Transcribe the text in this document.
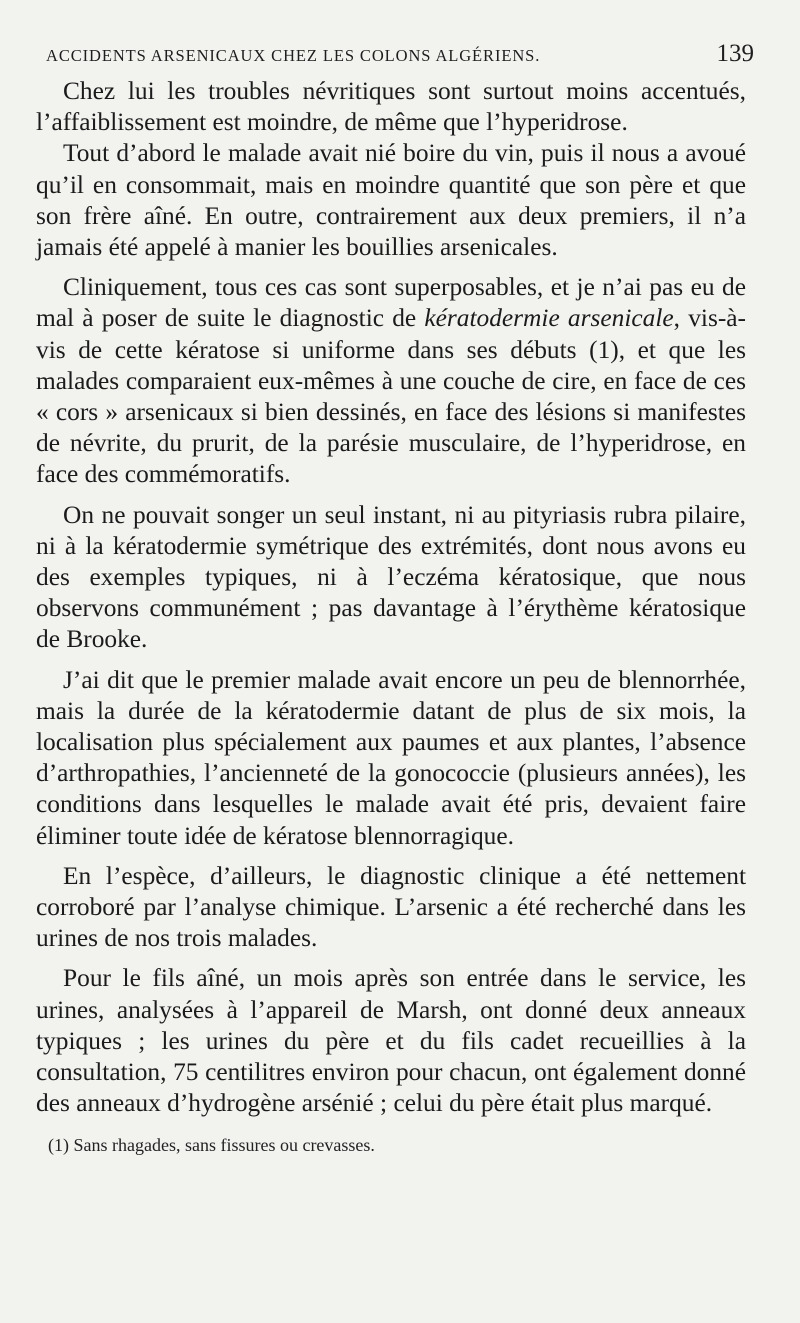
ACCIDENTS ARSENICAUX CHEZ LES COLONS ALGÉRIENS.	139

Chez lui les troubles névritiques sont surtout moins accentués, l’affaiblissement est moindre, de même que l’hyperidrose.

Tout d’abord le malade avait nié boire du vin, puis il nous a avoué qu’il en consommait, mais en moindre quantité que son père et que son frère aîné. En outre, contrairement aux deux premiers, il n’a jamais été appelé à manier les bouillies arsenicales.

Cliniquement, tous ces cas sont superposables, et je n’ai pas eu de mal à poser de suite le diagnostic de kératodermie arsenicale, vis-à-vis de cette kératose si uniforme dans ses débuts (1), et que les malades comparaient eux-mêmes à une couche de cire, en face de ces « cors » arsenicaux si bien dessinés, en face des lésions si manifestes de névrite, du prurit, de la parésie musculaire, de l’hyperidrose, en face des commémoratifs.

On ne pouvait songer un seul instant, ni au pityriasis rubra pilaire, ni à la kératodermie symétrique des extrémités, dont nous avons eu des exemples typiques, ni à l’eczéma kératosique, que nous observons communément ; pas davantage à l’érythème kératosique de Brooke.

J’ai dit que le premier malade avait encore un peu de blennorrhée, mais la durée de la kératodermie datant de plus de six mois, la localisation plus spécialement aux paumes et aux plantes, l’absence d’arthropathies, l’ancienneté de la gonococcie (plusieurs années), les conditions dans lesquelles le malade avait été pris, devaient faire éliminer toute idée de kératose blennorragique.

En l’espèce, d’ailleurs, le diagnostic clinique a été nettement corroboré par l’analyse chimique. L’arsenic a été recherché dans les urines de nos trois malades.

Pour le fils aîné, un mois après son entrée dans le service, les urines, analysées à l’appareil de Marsh, ont donné deux anneaux typiques ; les urines du père et du fils cadet recueillies à la consultation, 75 centilitres environ pour chacun, ont également donné des anneaux d’hydrogène arsénié ; celui du père était plus marqué.

(1) Sans rhagades, sans fissures ou crevasses.
